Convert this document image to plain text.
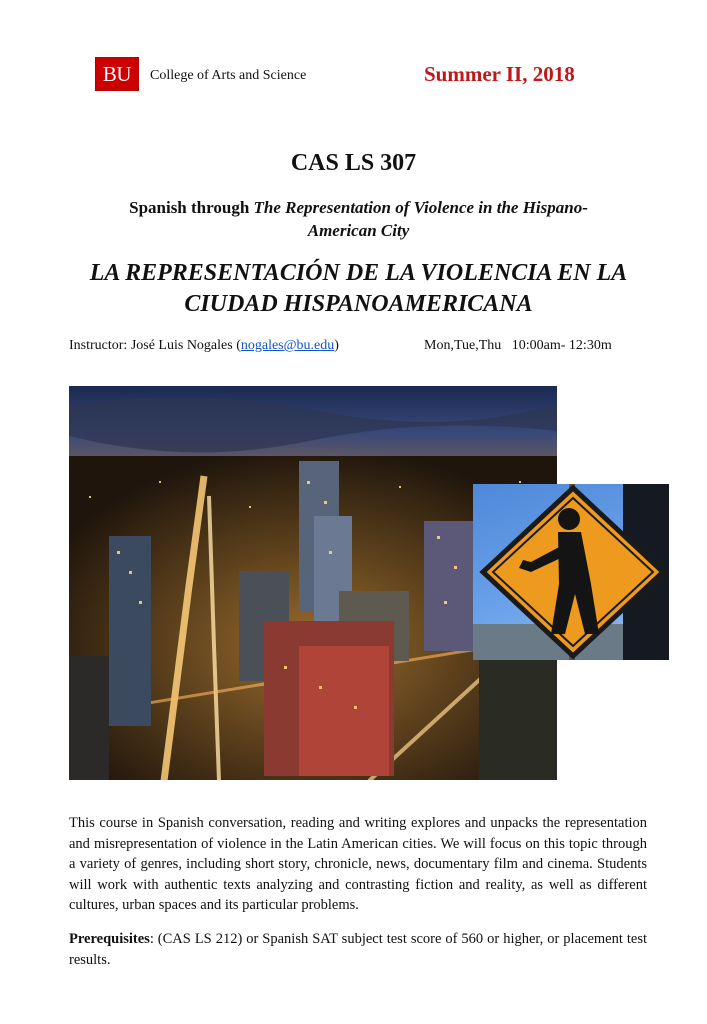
BU	College of Arts and Science	Summer II, 2018
CAS LS 307
Spanish through The Representation of Violence in the Hispano-American City
LA REPRESENTACIÓN DE LA VIOLENCIA EN LA CIUDAD HISPANOAMERICANA
Instructor: José Luis Nogales (nogales@bu.edu)	Mon,Tue,Thu   10:00am- 12:30m
This course in Spanish conversation, reading and writing explores and unpacks the representation and misrepresentation of violence in the Latin American cities. We will focus on this topic through a variety of genres, including short story, chronicle, news, documentary film and cinema. Students will work with authentic texts analyzing and contrasting fiction and reality, as well as different cultures, urban spaces and its particular problems.
Prerequisites: (CAS LS 212) or Spanish SAT subject test score of 560 or higher, or placement test results.
